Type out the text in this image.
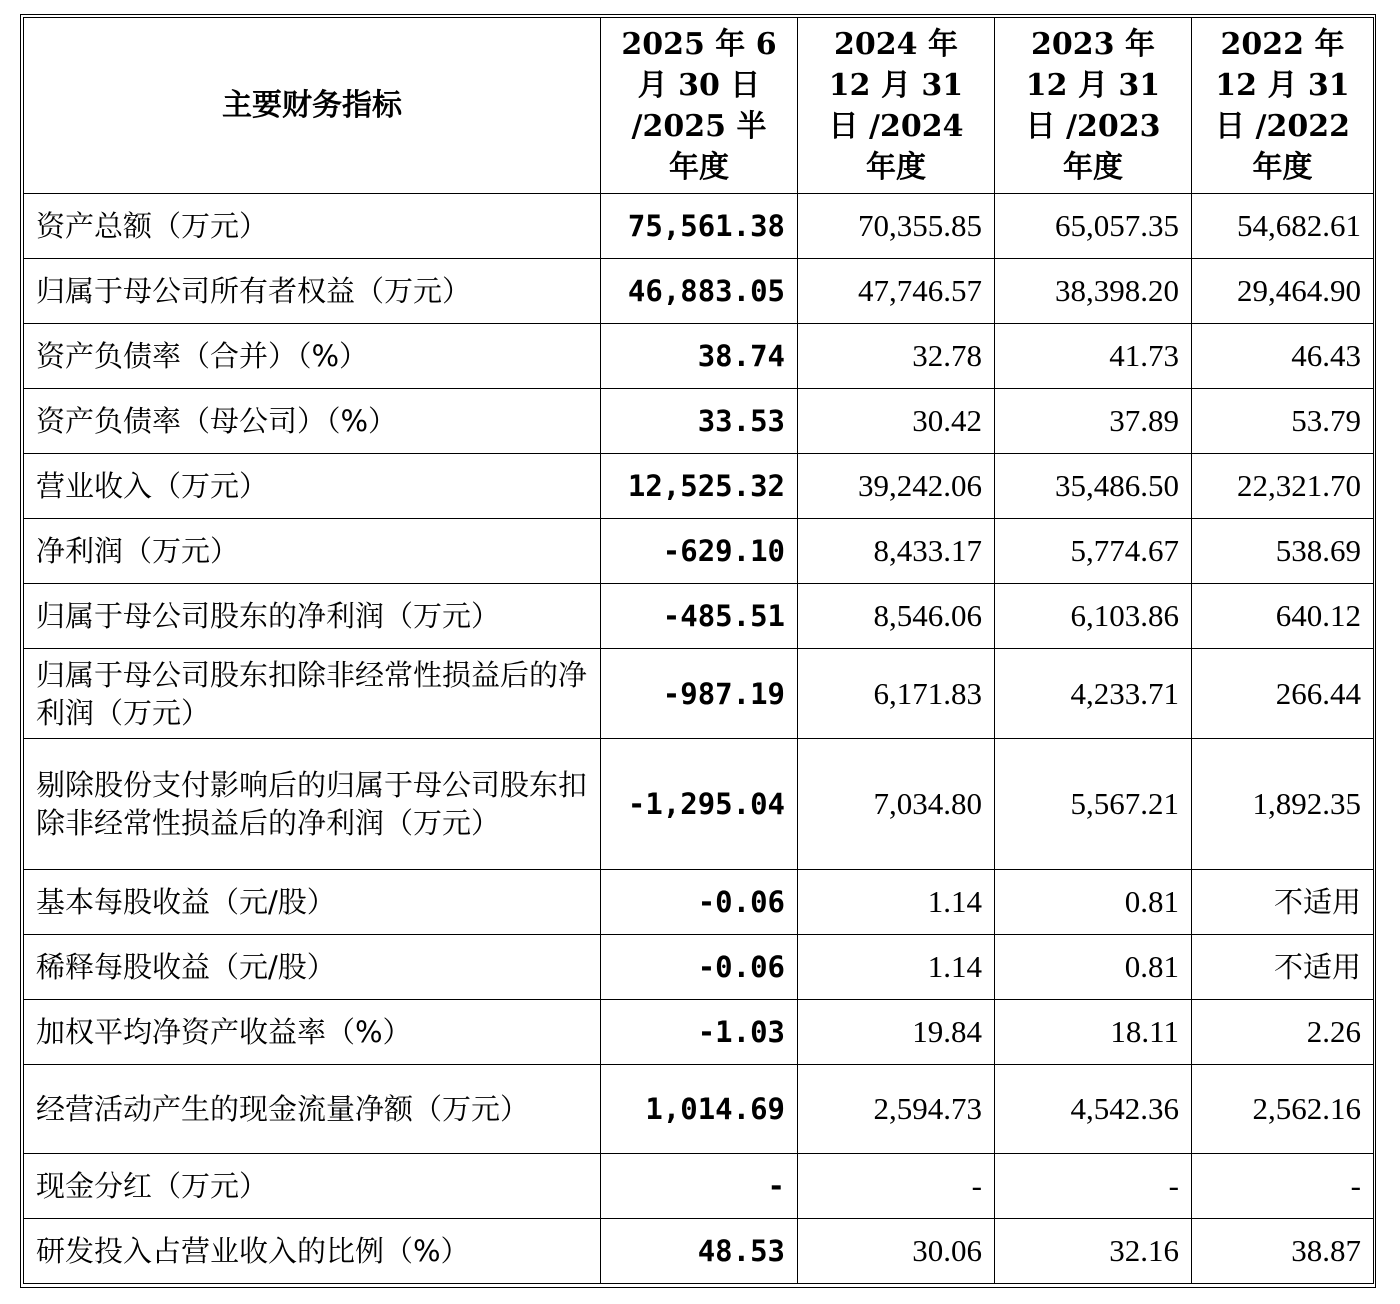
主要财务指标	2025 年 6 月 30 日 /2025 半 年度	2024 年 12 月 31 日 /2024 年度	2023 年 12 月 31 日 /2023 年度	2022 年 12 月 31 日 /2022 年度
资产总额（万元）	75,561.38	70,355.85	65,057.35	54,682.61
归属于母公司所有者权益（万元）	46,883.05	47,746.57	38,398.20	29,464.90
资产负债率（合并）（%）	38.74	32.78	41.73	46.43
资产负债率（母公司）（%）	33.53	30.42	37.89	53.79
营业收入（万元）	12,525.32	39,242.06	35,486.50	22,321.70
净利润（万元）	-629.10	8,433.17	5,774.67	538.69
归属于母公司股东的净利润（万元）	-485.51	8,546.06	6,103.86	640.12
归属于母公司股东扣除非经常性损益后的净利润（万元）	-987.19	6,171.83	4,233.71	266.44
剔除股份支付影响后的归属于母公司股东扣除非经常性损益后的净利润（万元）	-1,295.04	7,034.80	5,567.21	1,892.35
基本每股收益（元/股）	-0.06	1.14	0.81	不适用
稀释每股收益（元/股）	-0.06	1.14	0.81	不适用
加权平均净资产收益率（%）	-1.03	19.84	18.11	2.26
经营活动产生的现金流量净额（万元）	1,014.69	2,594.73	4,542.36	2,562.16
现金分红（万元）	-	-	-	-
研发投入占营业收入的比例（%）	48.53	30.06	32.16	38.87
